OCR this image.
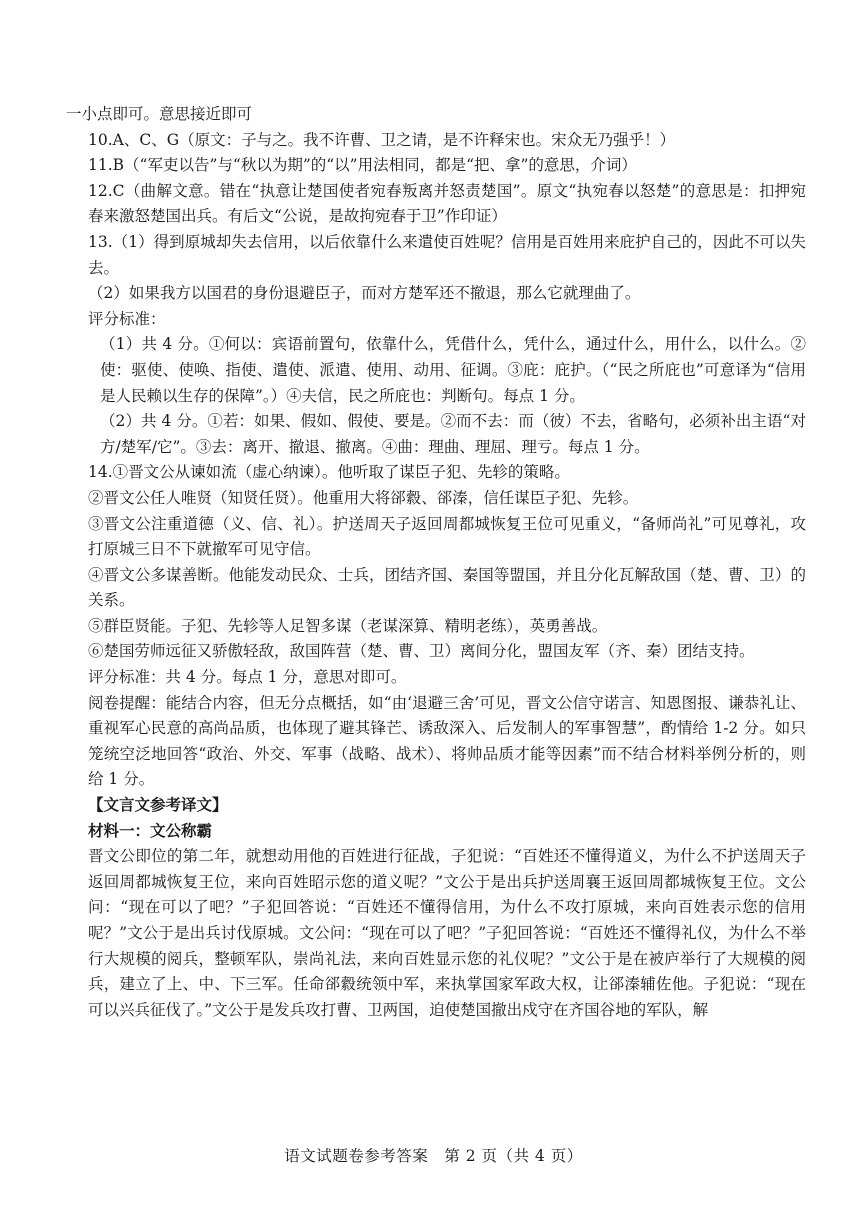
一小点即可。意思接近即可

10.A、C、G（原文：子与之。我不许曹、卫之请，是不许释宋也。宋众无乃强乎！）

11.B（“军吏以告”与“秋以为期”的“以”用法相同，都是“把、拿”的意思，介词）

12.C（曲解文意。错在“执意让楚国使者宛春叛离并怒责楚国”。原文“执宛春以怒楚”的意思是：扣押宛春来激怒楚国出兵。有后文“公说，是故拘宛春于卫”作印证）

13.（1）得到原城却失去信用，以后依靠什么来遣使百姓呢？信用是百姓用来庇护自己的，因此不可以失去。

（2）如果我方以国君的身份退避臣子，而对方楚军还不撤退，那么它就理曲了。

评分标准：

（1）共 4 分。①何以：宾语前置句，依靠什么，凭借什么，凭什么，通过什么，用什么，以什么。②使：驱使、使唤、指使、遣使、派遣、使用、动用、征调。③庇：庇护。（“民之所庇也”可意译为“信用是人民赖以生存的保障”。）④夫信，民之所庇也：判断句。每点 1 分。

（2）共 4 分。①若：如果、假如、假使、要是。②而不去：而（彼）不去，省略句，必须补出主语“对方/楚军/它”。③去：离开、撤退、撤离。④曲：理曲、理屈、理亏。每点 1 分。

14.①晋文公从谏如流（虚心纳谏）。他听取了谋臣子犯、先轸的策略。

②晋文公任人唯贤（知贤任贤）。他重用大将郤縠、郤溱，信任谋臣子犯、先轸。

③晋文公注重道德（义、信、礼）。护送周天子返回周都城恢复王位可见重义，“备师尚礼”可见尊礼，攻打原城三日不下就撤军可见守信。

④晋文公多谋善断。他能发动民众、士兵，团结齐国、秦国等盟国，并且分化瓦解敌国（楚、曹、卫）的关系。

⑤群臣贤能。子犯、先轸等人足智多谋（老谋深算、精明老练），英勇善战。

⑥楚国劳师远征又骄傲轻敌，敌国阵营（楚、曹、卫）离间分化，盟国友军（齐、秦）团结支持。

评分标准：共 4 分。每点 1 分，意思对即可。

阅卷提醒：能结合内容，但无分点概括，如“由‘退避三舍’可见，晋文公信守诺言、知恩图报、谦恭礼让、重视军心民意的高尚品质，也体现了避其锋芒、诱敌深入、后发制人的军事智慧”，酌情给 1-2 分。如只笼统空泛地回答“政治、外交、军事（战略、战术）、将帅品质才能等因素”而不结合材料举例分析的，则给 1 分。

【文言文参考译文】

材料一：文公称霸

晋文公即位的第二年，就想动用他的百姓进行征战，子犯说：“百姓还不懂得道义，为什么不护送周天子返回周都城恢复王位，来向百姓昭示您的道义呢？”文公于是出兵护送周襄王返回周都城恢复王位。文公问：“现在可以了吧？”子犯回答说：“百姓还不懂得信用，为什么不攻打原城，来向百姓表示您的信用呢？”文公于是出兵讨伐原城。文公问：“现在可以了吧？”子犯回答说：“百姓还不懂得礼仪，为什么不举行大规模的阅兵，整顿军队，崇尚礼法，来向百姓显示您的礼仪呢？”文公于是在被庐举行了大规模的阅兵，建立了上、中、下三军。任命郤縠统领中军，来执掌国家军政大权，让郤溱辅佐他。子犯说：“现在可以兴兵征伐了。”文公于是发兵攻打曹、卫两国，迫使楚国撤出戍守在齐国谷地的军队，解

语文试题卷参考答案　第 2 页（共 4 页）
